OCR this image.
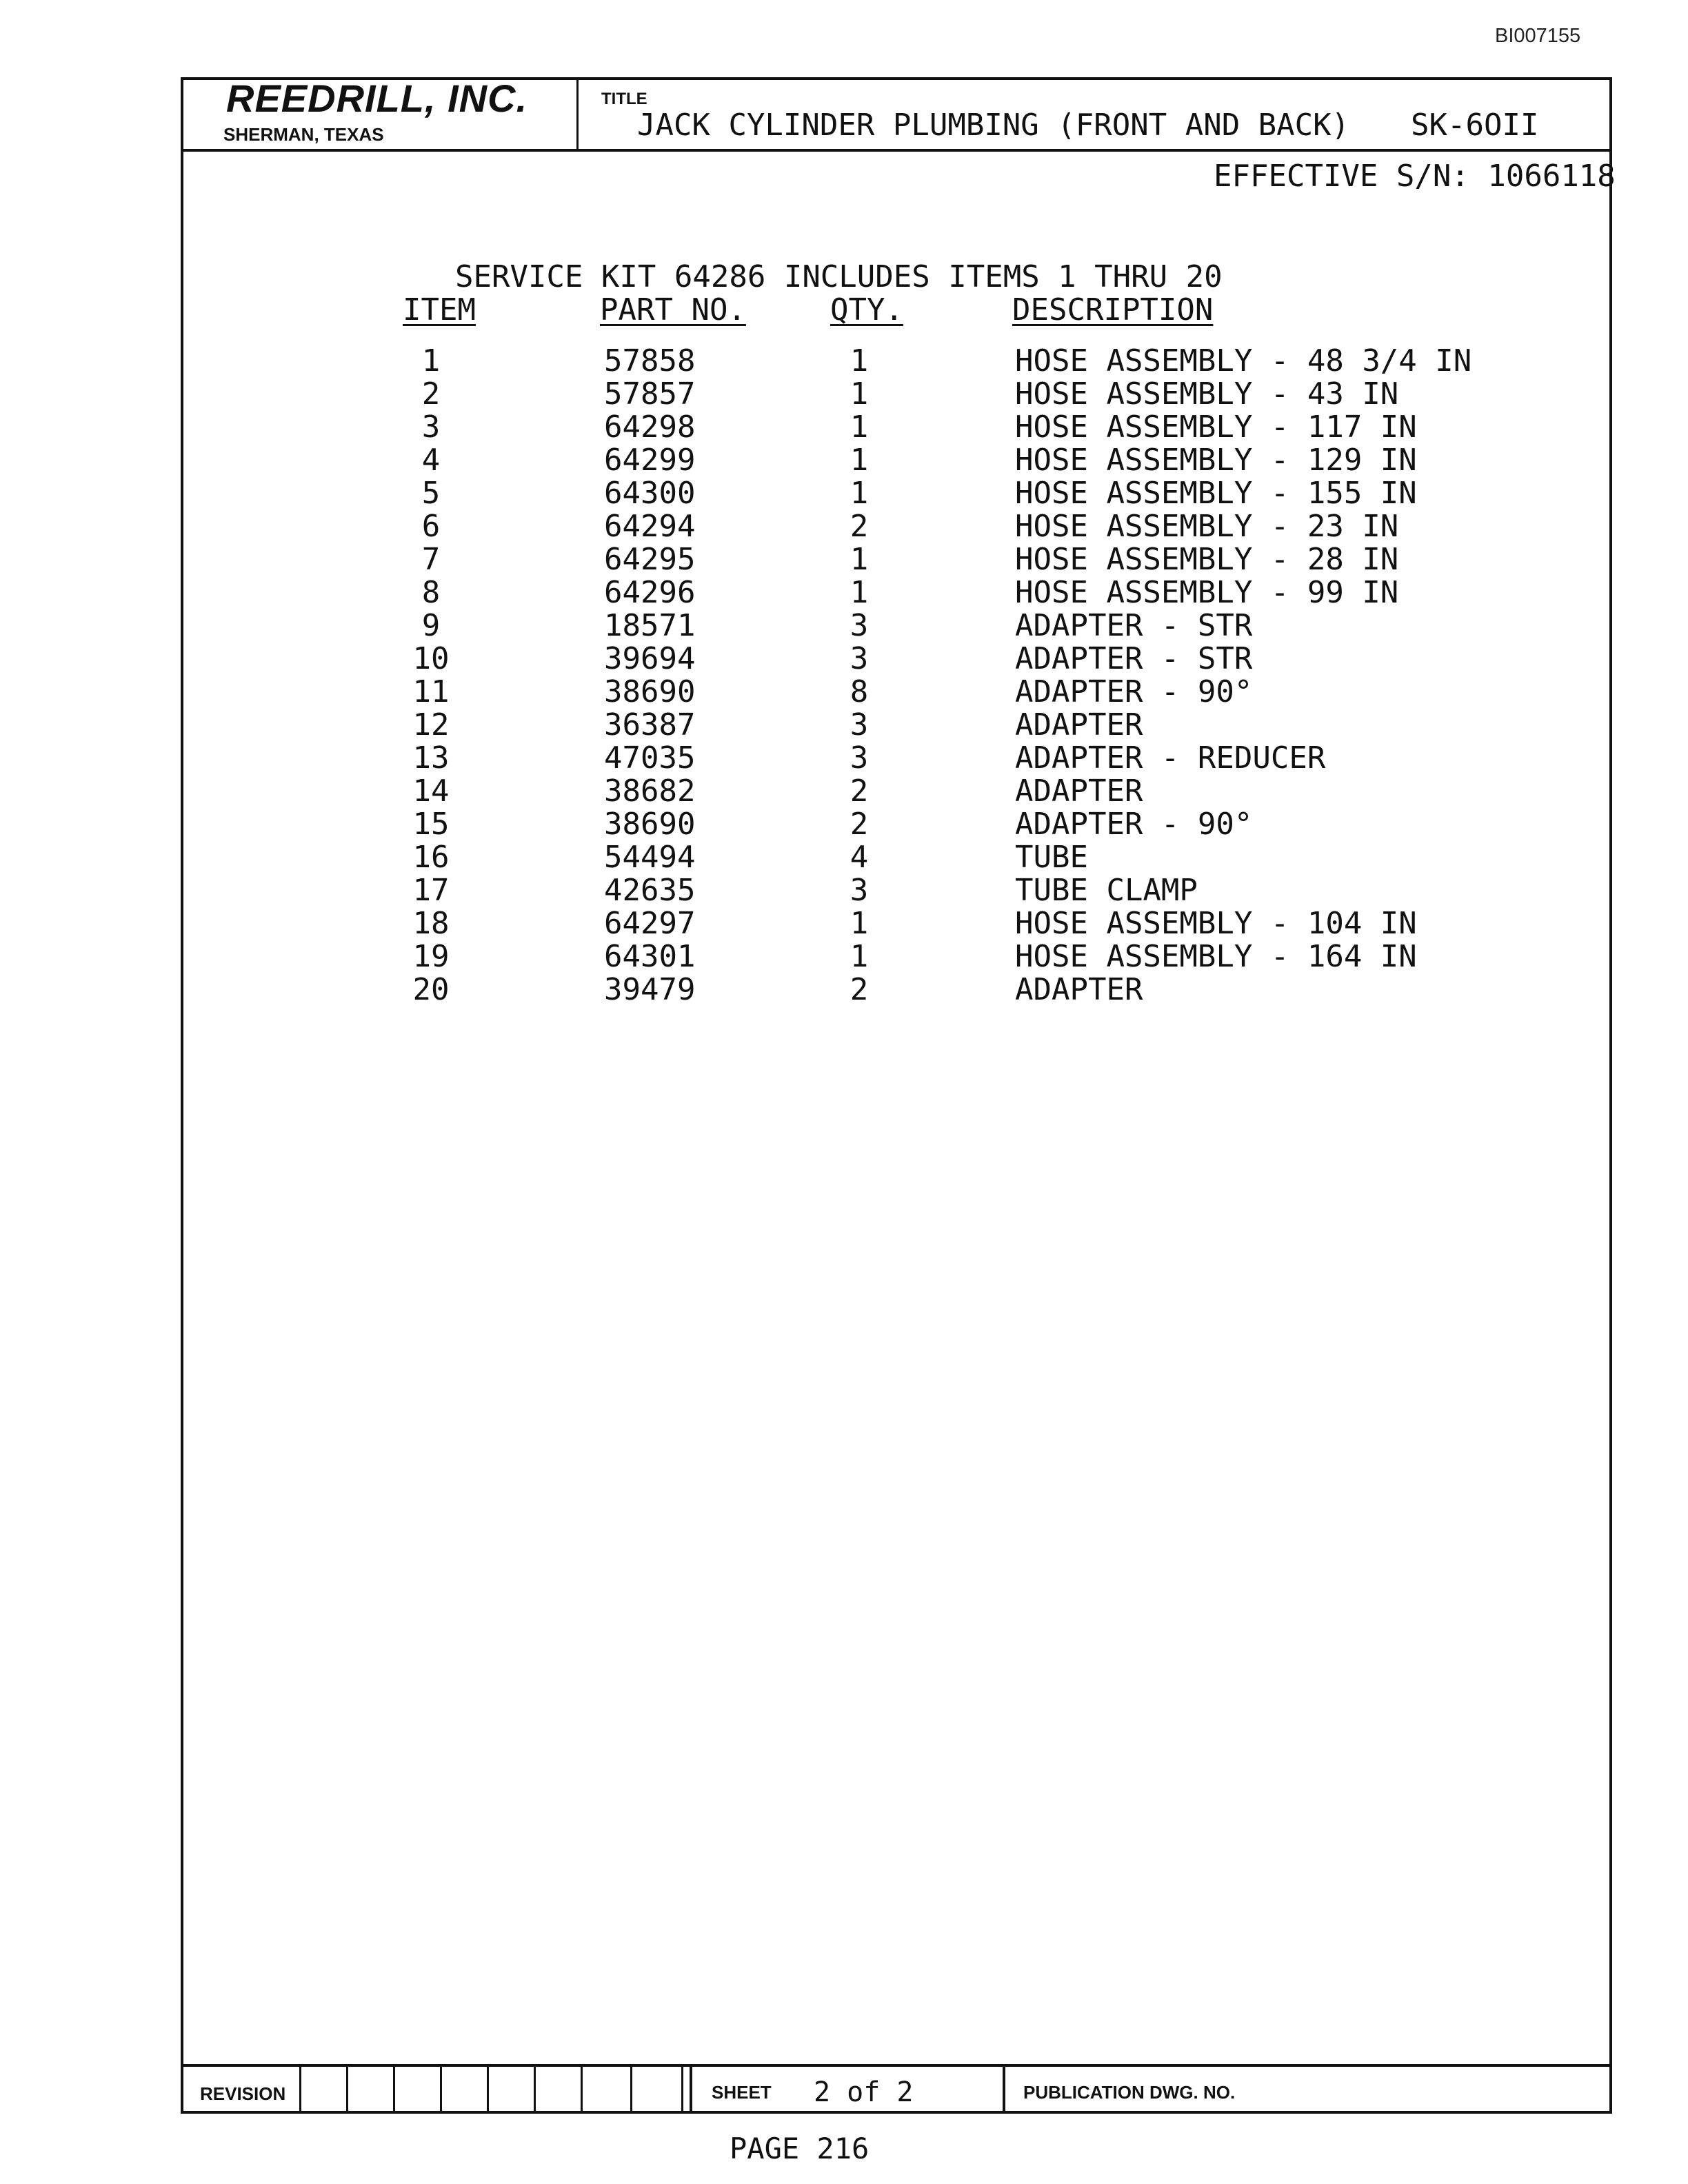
BI007155
REEDRILL, INC.
SHERMAN, TEXAS
TITLE
JACK CYLINDER PLUMBING (FRONT AND BACK) SK-6OII
EFFECTIVE S/N: 1066118
SERVICE KIT 64286 INCLUDES ITEMS 1 THRU 20
ITEM	PART NO.	QTY.	DESCRIPTION
1	57858	1	HOSE ASSEMBLY - 48 3/4 IN
2	57857	1	HOSE ASSEMBLY - 43 IN
3	64298	1	HOSE ASSEMBLY - 117 IN
4	64299	1	HOSE ASSEMBLY - 129 IN
5	64300	1	HOSE ASSEMBLY - 155 IN
6	64294	2	HOSE ASSEMBLY - 23 IN
7	64295	1	HOSE ASSEMBLY - 28 IN
8	64296	1	HOSE ASSEMBLY - 99 IN
9	18571	3	ADAPTER - STR
10	39694	3	ADAPTER - STR
11	38690	8	ADAPTER - 90°
12	36387	3	ADAPTER
13	47035	3	ADAPTER - REDUCER
14	38682	2	ADAPTER
15	38690	2	ADAPTER - 90°
16	54494	4	TUBE
17	42635	3	TUBE CLAMP
18	64297	1	HOSE ASSEMBLY - 104 IN
19	64301	1	HOSE ASSEMBLY - 164 IN
20	39479	2	ADAPTER
REVISION	SHEET 2 of 2	PUBLICATION DWG. NO.
PAGE 216
